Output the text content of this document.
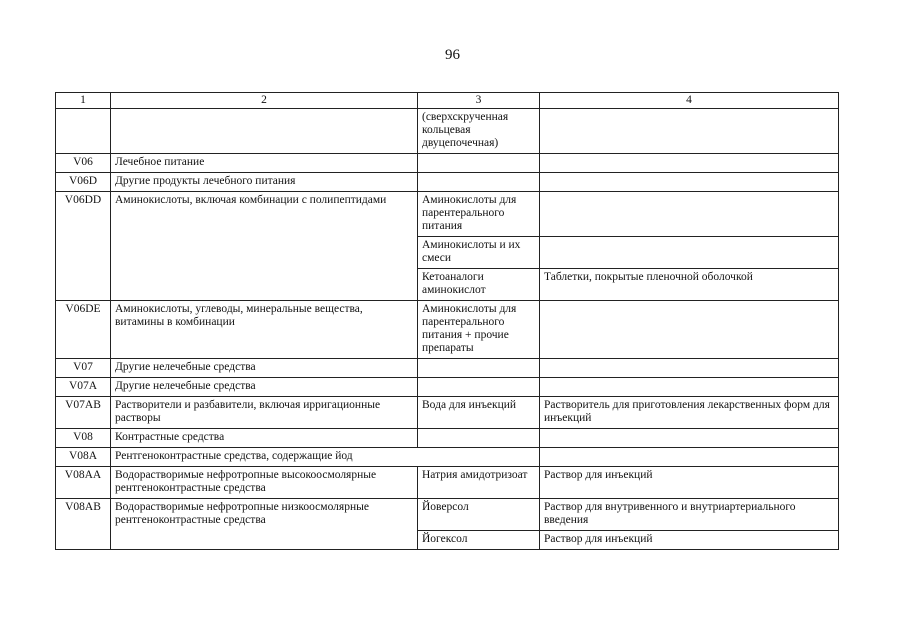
96
1	2	3	4
		(сверхскрученная кольцевая двуцепочечная)	
V06	Лечебное питание		
V06D	Другие продукты лечебного питания		
V06DD	Аминокислоты, включая комбинации с полипептидами	Аминокислоты для парентерального питания	
		Аминокислоты и их смеси	
		Кетоаналоги аминокислот	Таблетки, покрытые пленочной оболочкой
V06DE	Аминокислоты, углеводы, минеральные вещества, витамины в комбинации	Аминокислоты для парентерального питания + прочие препараты	
V07	Другие нелечебные средства		
V07A	Другие нелечебные средства		
V07AB	Растворители и разбавители, включая ирригационные растворы	Вода для инъекций	Растворитель для приготовления лекарственных форм для инъекций
V08	Контрастные средства		
V08A	Рентгеноконтрастные средства, содержащие йод		
V08AA	Водорастворимые нефротропные высокоосмолярные рентгеноконтрастные средства	Натрия амидотризоат	Раствор для инъекций
V08AB	Водорастворимые нефротропные низкоосмолярные рентгеноконтрастные средства	Йоверсол	Раствор для внутривенного и внутриартериального введения
		Йогексол	Раствор для инъекций
